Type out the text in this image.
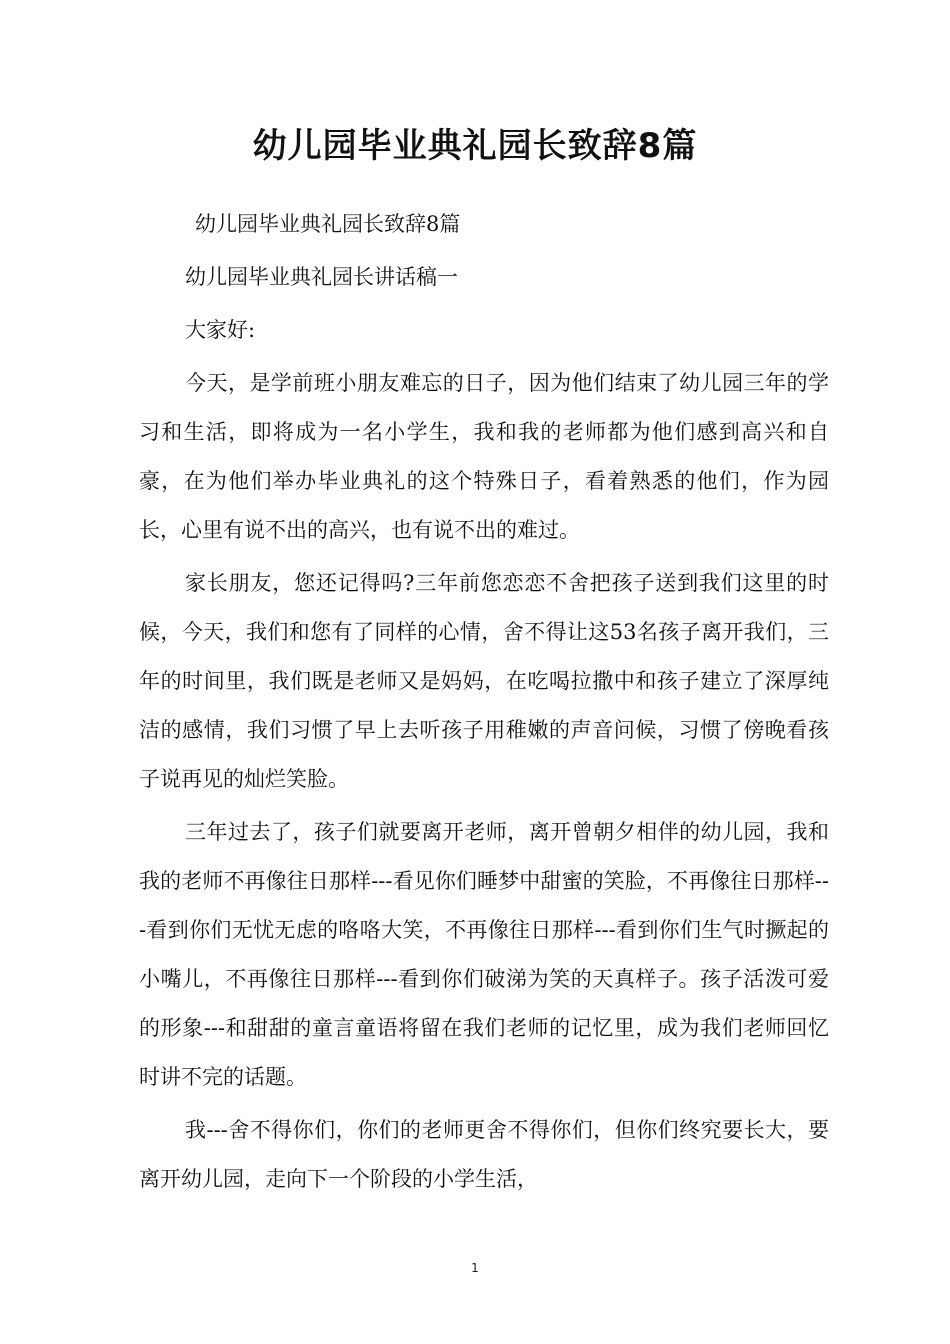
幼儿园毕业典礼园长致辞8篇

幼儿园毕业典礼园长致辞8篇

幼儿园毕业典礼园长讲话稿一

大家好:

今天，是学前班小朋友难忘的日子，因为他们结束了幼儿园三年的学习和生活，即将成为一名小学生，我和我的老师都为他们感到高兴和自豪，在为他们举办毕业典礼的这个特殊日子，看着熟悉的他们，作为园长，心里有说不出的高兴，也有说不出的难过。

家长朋友，您还记得吗?三年前您恋恋不舍把孩子送到我们这里的时候，今天，我们和您有了同样的心情，舍不得让这53名孩子离开我们，三年的时间里，我们既是老师又是妈妈，在吃喝拉撒中和孩子建立了深厚纯洁的感情，我们习惯了早上去听孩子用稚嫩的声音问候，习惯了傍晚看孩子说再见的灿烂笑脸。

三年过去了，孩子们就要离开老师，离开曾朝夕相伴的幼儿园，我和我的老师不再像往日那样---看见你们睡梦中甜蜜的笑脸，不再像往日那样---看到你们无忧无虑的咯咯大笑，不再像往日那样---看到你们生气时撅起的小嘴儿，不再像往日那样---看到你们破涕为笑的天真样子。孩子活泼可爱的形象---和甜甜的童言童语将留在我们老师的记忆里，成为我们老师回忆时讲不完的话题。

我---舍不得你们，你们的老师更舍不得你们，但你们终究要长大，要离开幼儿园，走向下一个阶段的小学生活，

1
